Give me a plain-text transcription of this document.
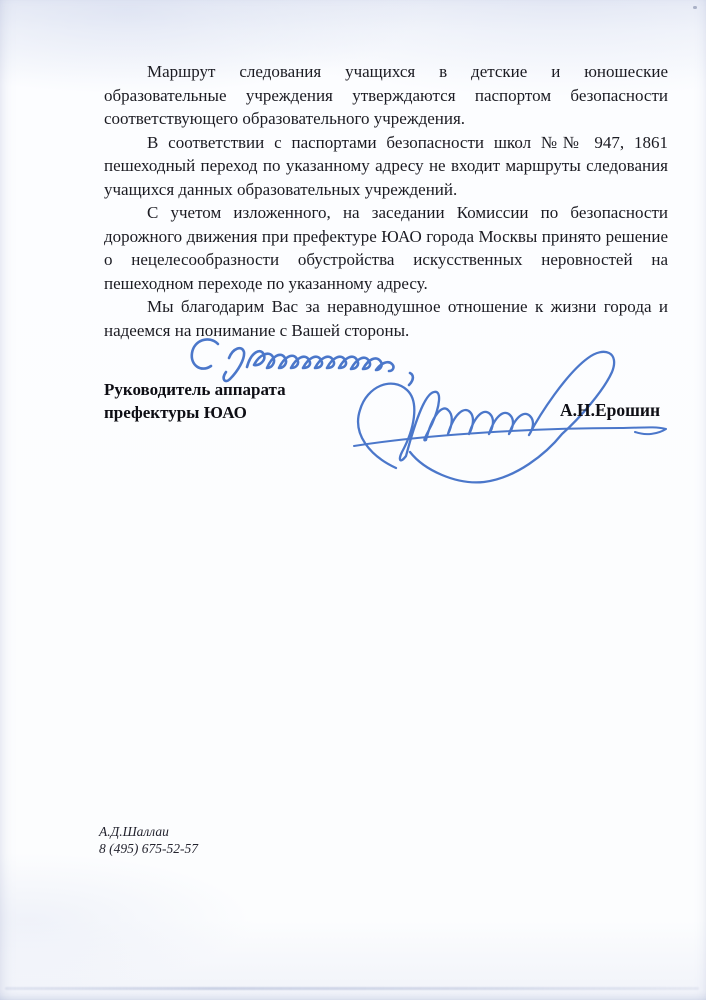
Маршрут следования учащихся в детские и юношеские образовательные учреждения утверждаются паспортом безопасности соответствующего образовательного учреждения.

В соответствии с паспортами безопасности школ №№ 947, 1861 пешеходный переход по указанному адресу не входит маршруты следования учащихся данных образовательных учреждений.

С учетом изложенного, на заседании Комиссии по безопасности дорожного движения при префектуре ЮАО города Москвы принято решение о нецелесообразности обустройства искусственных неровностей на пешеходном переходе по указанному адресу.

Мы благодарим Вас за неравнодушное отношение к жизни города и надеемся на понимание с Вашей стороны.

Руководитель аппарата
префектуры ЮАО	А.Н.Ерошин
А.Д.Шаллаи
8 (495) 675-52-57
